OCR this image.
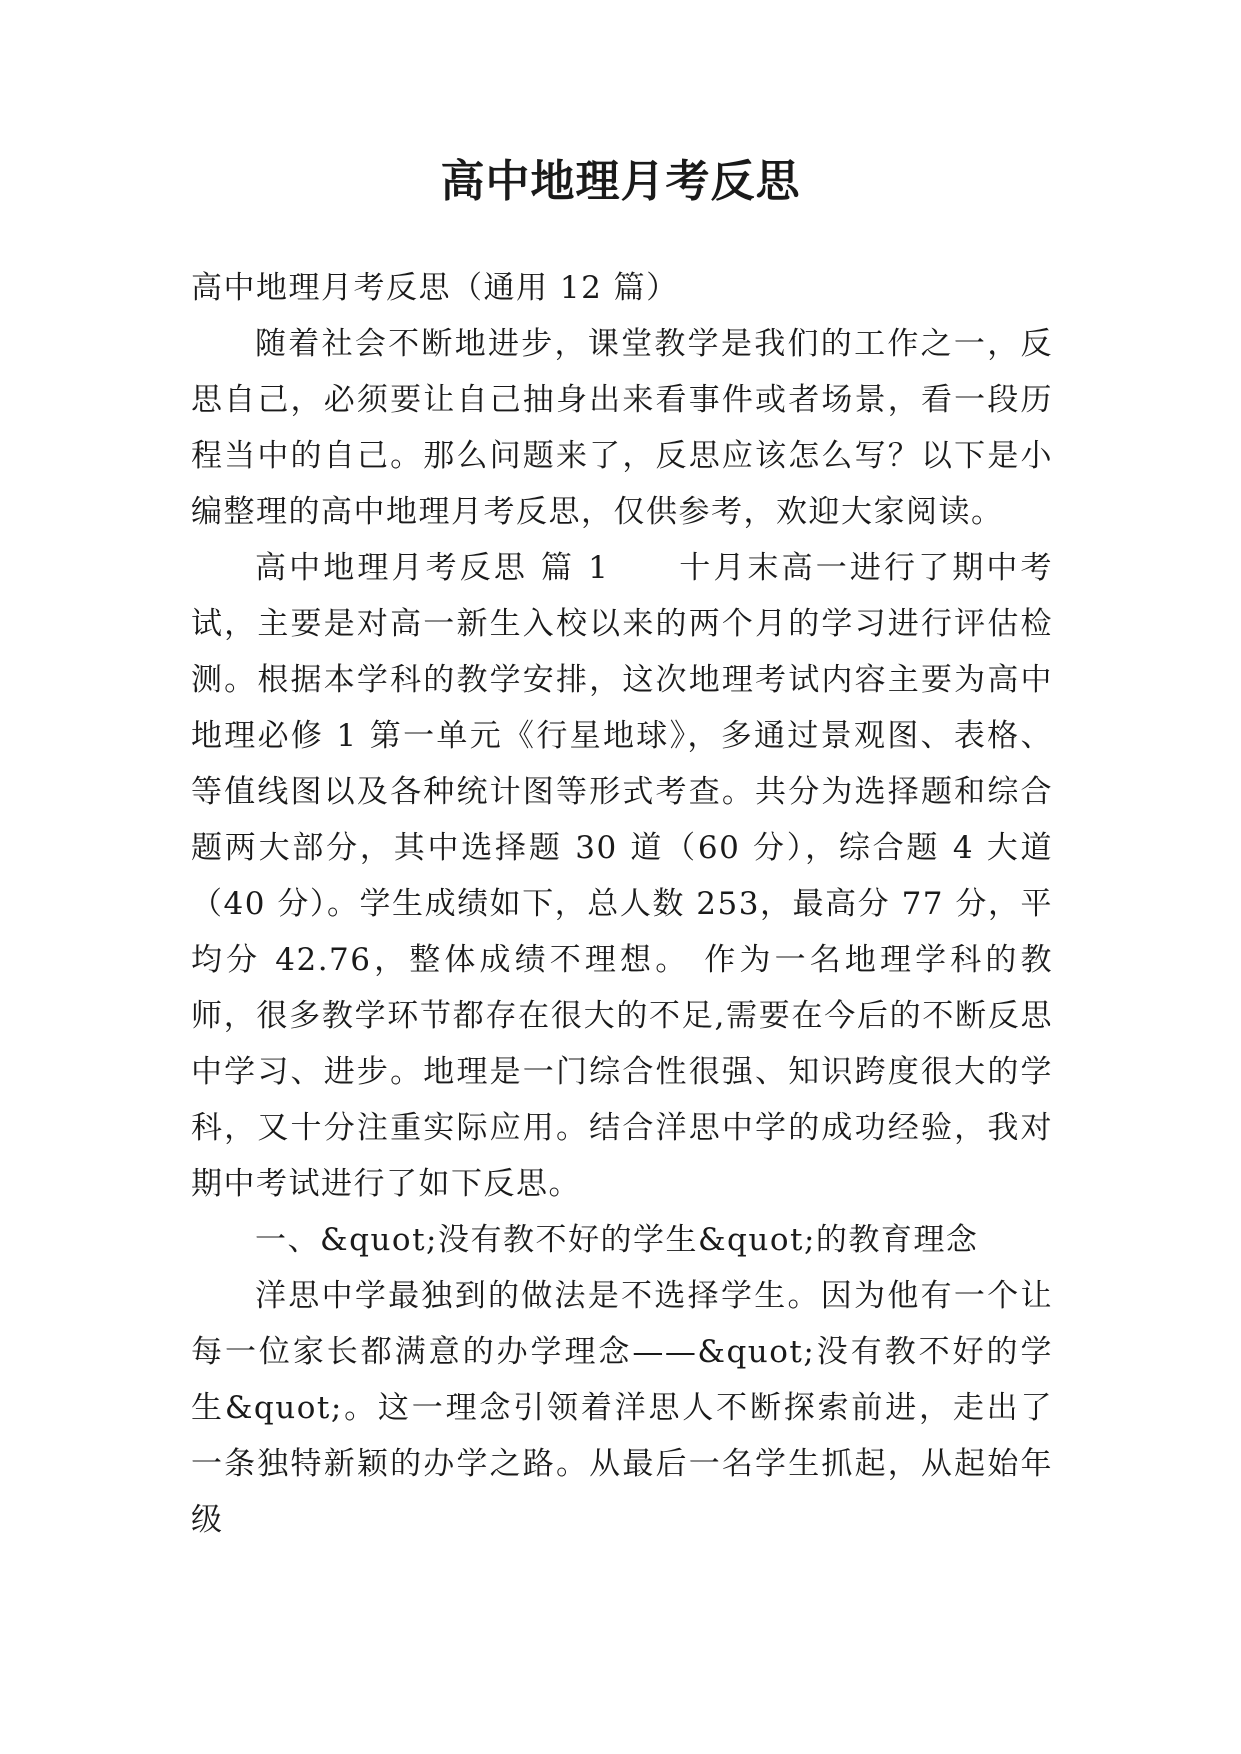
高中地理月考反思

高中地理月考反思（通用 12 篇）

随着社会不断地进步，课堂教学是我们的工作之一，反思自己，必须要让自己抽身出来看事件或者场景，看一段历程当中的自己。那么问题来了，反思应该怎么写？以下是小编整理的高中地理月考反思，仅供参考，欢迎大家阅读。

高中地理月考反思 篇 1　　十月末高一进行了期中考试，主要是对高一新生入校以来的两个月的学习进行评估检测。根据本学科的教学安排，这次地理考试内容主要为高中地理必修 1 第一单元《行星地球》，多通过景观图、表格、等值线图以及各种统计图等形式考查。共分为选择题和综合题两大部分，其中选择题 30 道（60 分），综合题 4 大道（40 分）。学生成绩如下，总人数 253，最高分 77 分，平均分 42.76，整体成绩不理想。 作为一名地理学科的教师，很多教学环节都存在很大的不足,需要在今后的不断反思中学习、进步。地理是一门综合性很强、知识跨度很大的学科，又十分注重实际应用。结合洋思中学的成功经验，我对期中考试进行了如下反思。

一、&quot;没有教不好的学生&quot;的教育理念

洋思中学最独到的做法是不选择学生。因为他有一个让每一位家长都满意的办学理念——&quot;没有教不好的学生&quot;。这一理念引领着洋思人不断探索前进，走出了一条独特新颖的办学之路。从最后一名学生抓起，从起始年级
